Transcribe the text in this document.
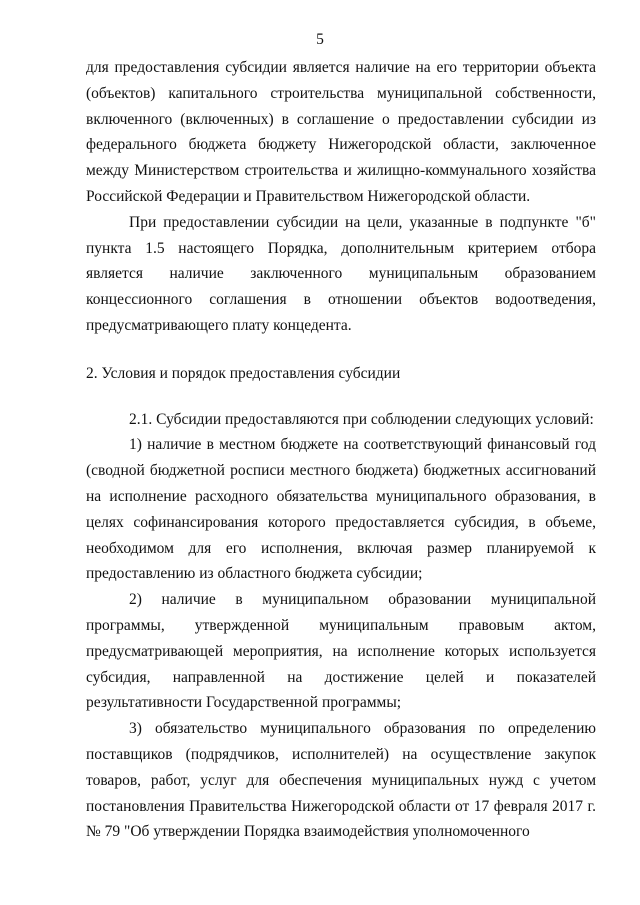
5

для предоставления субсидии является наличие на его территории объекта (объектов) капитального строительства муниципальной собственности, включенного (включенных) в соглашение о предоставлении субсидии из федерального бюджета бюджету Нижегородской области, заключенное между Министерством строительства и жилищно-коммунального хозяйства Российской Федерации и Правительством Нижегородской области.

При предоставлении субсидии на цели, указанные в подпункте "б" пункта 1.5 настоящего Порядка, дополнительным критерием отбора является наличие заключенного муниципальным образованием концессионного соглашения в отношении объектов водоотведения, предусматривающего плату концедента.

2. Условия и порядок предоставления субсидии

2.1. Субсидии предоставляются при соблюдении следующих условий:

1) наличие в местном бюджете на соответствующий финансовый год (сводной бюджетной росписи местного бюджета) бюджетных ассигнований на исполнение расходного обязательства муниципального образования, в целях софинансирования которого предоставляется субсидия, в объеме, необходимом для его исполнения, включая размер планируемой к предоставлению из областного бюджета субсидии;

2) наличие в муниципальном образовании муниципальной программы, утвержденной муниципальным правовым актом, предусматривающей мероприятия, на исполнение которых используется субсидия, направленной на достижение целей и показателей результативности Государственной программы;

3) обязательство муниципального образования по определению поставщиков (подрядчиков, исполнителей) на осуществление закупок товаров, работ, услуг для обеспечения муниципальных нужд с учетом постановления Правительства Нижегородской области от 17 февраля 2017 г. № 79 "Об утверждении Порядка взаимодействия уполномоченного
